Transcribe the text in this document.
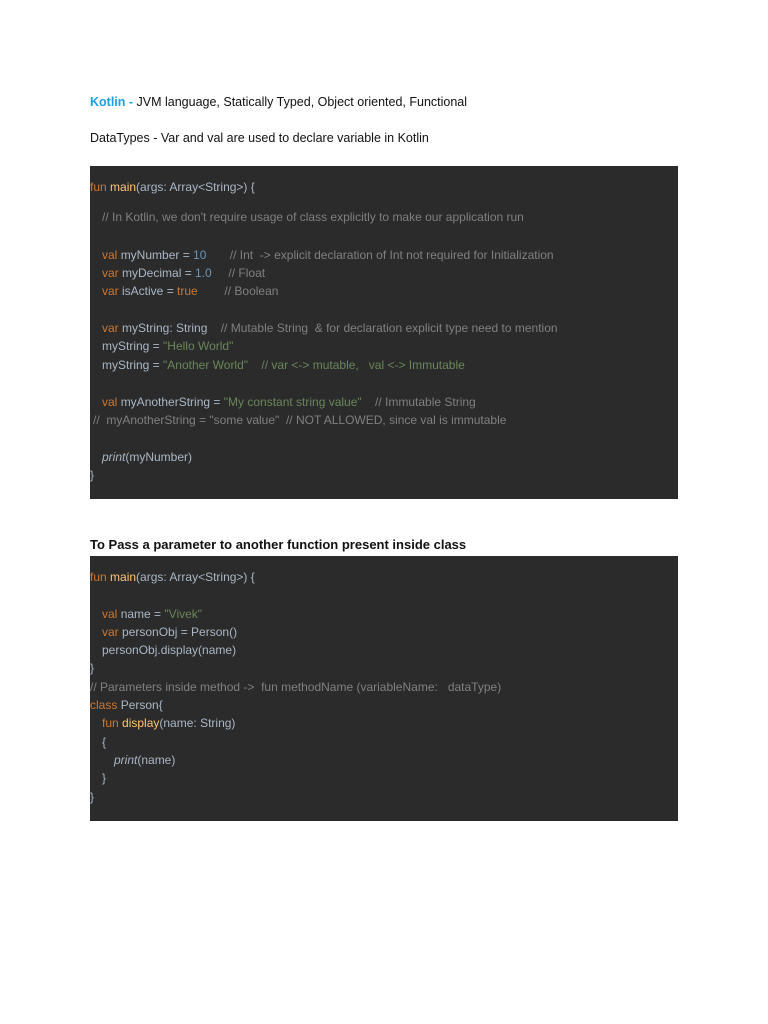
Kotlin - JVM language, Statically Typed, Object oriented, Functional
DataTypes - Var and val are used to declare variable in Kotlin
fun main(args: Array<String>) {
// In Kotlin, we don't require usage of class explicitly to make our application run
val myNumber = 10 // Int  -> explicit declaration of Int not required for Initialization
var myDecimal = 1.0 // Float
var isActive = true // Boolean
var myString: String // Mutable String  & for declaration explicit type need to mention
myString = "Hello World"
myString = "Another World" // var <-> mutable,   val <-> Immutable
val myAnotherString = "My constant string value" // Immutable String
//  myAnotherString = "some value"  // NOT ALLOWED, since val is immutable
print(myNumber)
}
To Pass a parameter to another function present inside class
fun main(args: Array<String>) {
val name = "Vivek"
var personObj = Person()
personObj.display(name)
}
// Parameters inside method ->  fun methodName (variableName:   dataType)
class Person{
fun display(name: String)
{
print(name)
}
}
